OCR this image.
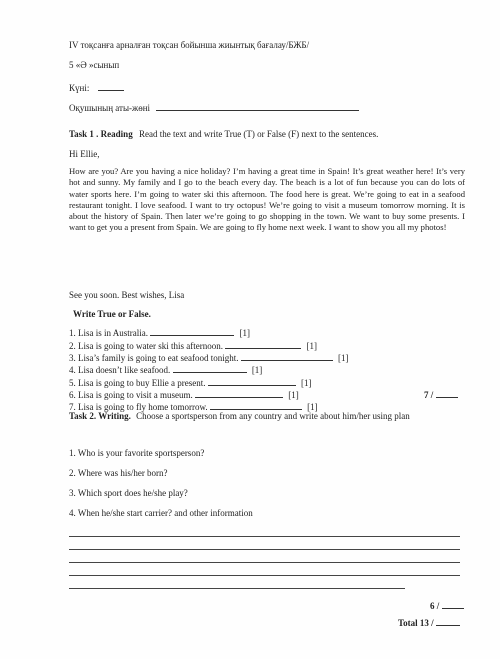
IV тоқсанға арналған тоқсан бойынша жиынтық бағалау/БЖБ/
5 «Ә »сынып
Күні:
Оқушының аты-жөні
Task 1 . Reading Read the text and write True (T) or False (F) next to the sentences.
Hi Ellie,
How are you? Are you having a nice holiday? I’m having a great time in Spain! It’s great weather here! It’s very hot and sunny. My family and I go to the beach every day. The beach is a lot of fun because you can do lots of water sports here. I’m going to water ski this afternoon. The food here is great. We’re going to eat in a seafood restaurant tonight. I love seafood. I want to try octopus! We’re going to visit a museum tomorrow morning. It is about the history of Spain. Then later we’re going to go shopping in the town. We want to buy some presents. I want to get you a present from Spain. We are going to fly home next week. I want to show you all my photos!
See you soon. Best wishes, Lisa
Write True or False.
1. Lisa is in Australia.	[1]
2. Lisa is going to water ski this afternoon.	[1]
3. Lisa’s family is going to eat seafood tonight.	[1]
4. Lisa doesn’t like seafood.	[1]
5. Lisa is going to buy Ellie a present.	[1]
6. Lisa is going to visit a museum.	[1]
7. Lisa is going to fly home tomorrow.	[1]
7 /
Task 2. Writing. Choose a sportsperson from any country and write about him/her using plan
1. Who is your favorite sportsperson?
2. Where was his/her born?
3. Which sport does he/she play?
4. When he/she start carrier? and other information
6 /
Total 13 /
